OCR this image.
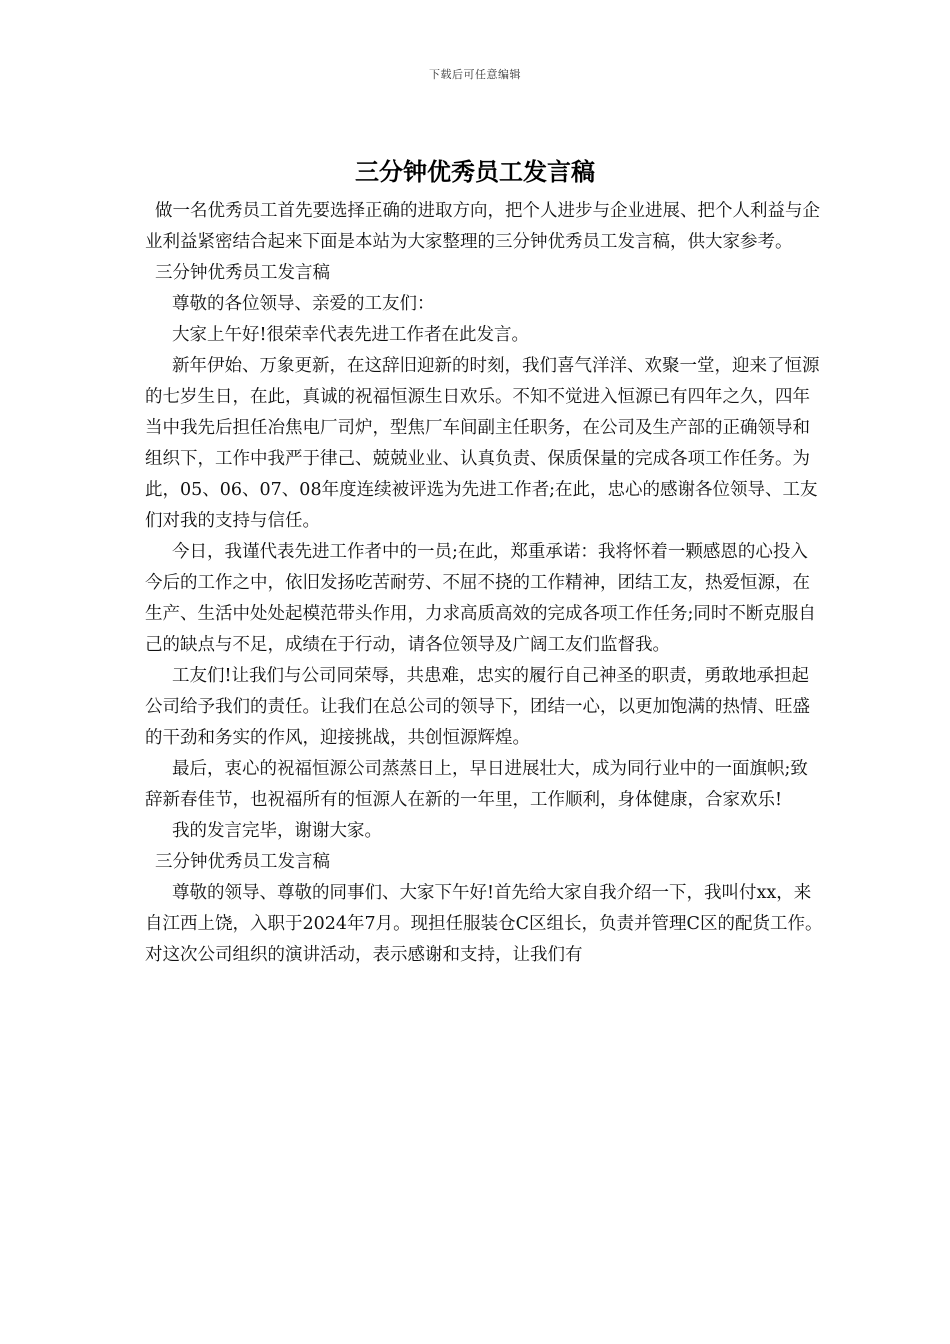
下载后可任意编辑
三分钟优秀员工发言稿

做一名优秀员工首先要选择正确的进取方向，把个人进步与企业进展、把个人利益与企业利益紧密结合起来下面是本站为大家整理的三分钟优秀员工发言稿，供大家参考。

三分钟优秀员工发言稿

尊敬的各位领导、亲爱的工友们：

大家上午好!很荣幸代表先进工作者在此发言。

新年伊始、万象更新，在这辞旧迎新的时刻，我们喜气洋洋、欢聚一堂，迎来了恒源的七岁生日，在此，真诚的祝福恒源生日欢乐。不知不觉进入恒源已有四年之久，四年当中我先后担任冶焦电厂司炉，型焦厂车间副主任职务，在公司及生产部的正确领导和组织下，工作中我严于律己、兢兢业业、认真负责、保质保量的完成各项工作任务。为此，05、06、07、08年度连续被评选为先进工作者;在此，忠心的感谢各位领导、工友们对我的支持与信任。

今日，我谨代表先进工作者中的一员;在此，郑重承诺：我将怀着一颗感恩的心投入今后的工作之中，依旧发扬吃苦耐劳、不屈不挠的工作精神，团结工友，热爱恒源，在生产、生活中处处起模范带头作用，力求高质高效的完成各项工作任务;同时不断克服自己的缺点与不足，成绩在于行动，请各位领导及广阔工友们监督我。

工友们!让我们与公司同荣辱，共患难，忠实的履行自己神圣的职责，勇敢地承担起公司给予我们的责任。让我们在总公司的领导下，团结一心，以更加饱满的热情、旺盛的干劲和务实的作风，迎接挑战，共创恒源辉煌。

最后，衷心的祝福恒源公司蒸蒸日上，早日进展壮大，成为同行业中的一面旗帜;致辞新春佳节，也祝福所有的恒源人在新的一年里，工作顺利，身体健康，合家欢乐!

我的发言完毕，谢谢大家。

三分钟优秀员工发言稿

尊敬的领导、尊敬的同事们、大家下午好!首先给大家自我介绍一下，我叫付xx，来自江西上饶，入职于2024年7月。现担任服装仓C区组长，负责并管理C区的配货工作。对这次公司组织的演讲活动，表示感谢和支持，让我们有
